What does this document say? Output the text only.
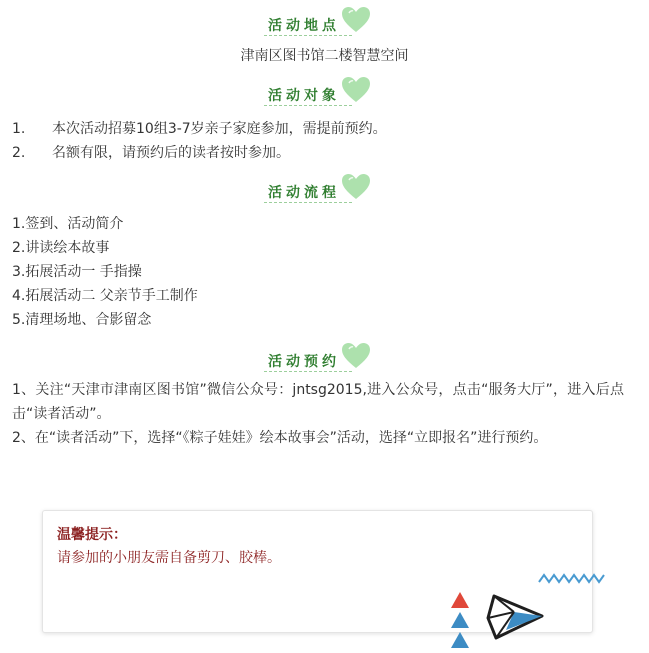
活动地点
津南区图书馆二楼智慧空间
活动对象
1. 本次活动招募10组3-7岁亲子家庭参加，需提前预约。
2. 名额有限，请预约后的读者按时参加。
活动流程
1.签到、活动简介
2.讲读绘本故事
3.拓展活动一 手指操
4.拓展活动二 父亲节手工制作
5.清理场地、合影留念
活动预约
1、关注“天津市津南区图书馆”微信公众号：jntsg2015,进入公众号，点击“服务大厅”，进入后点击“读者活动”。
2、在“读者活动”下，选择“《粽子娃娃》绘本故事会”活动，选择“立即报名”进行预约。
温馨提示：
请参加的小朋友需自备剪刀、胶棒。
